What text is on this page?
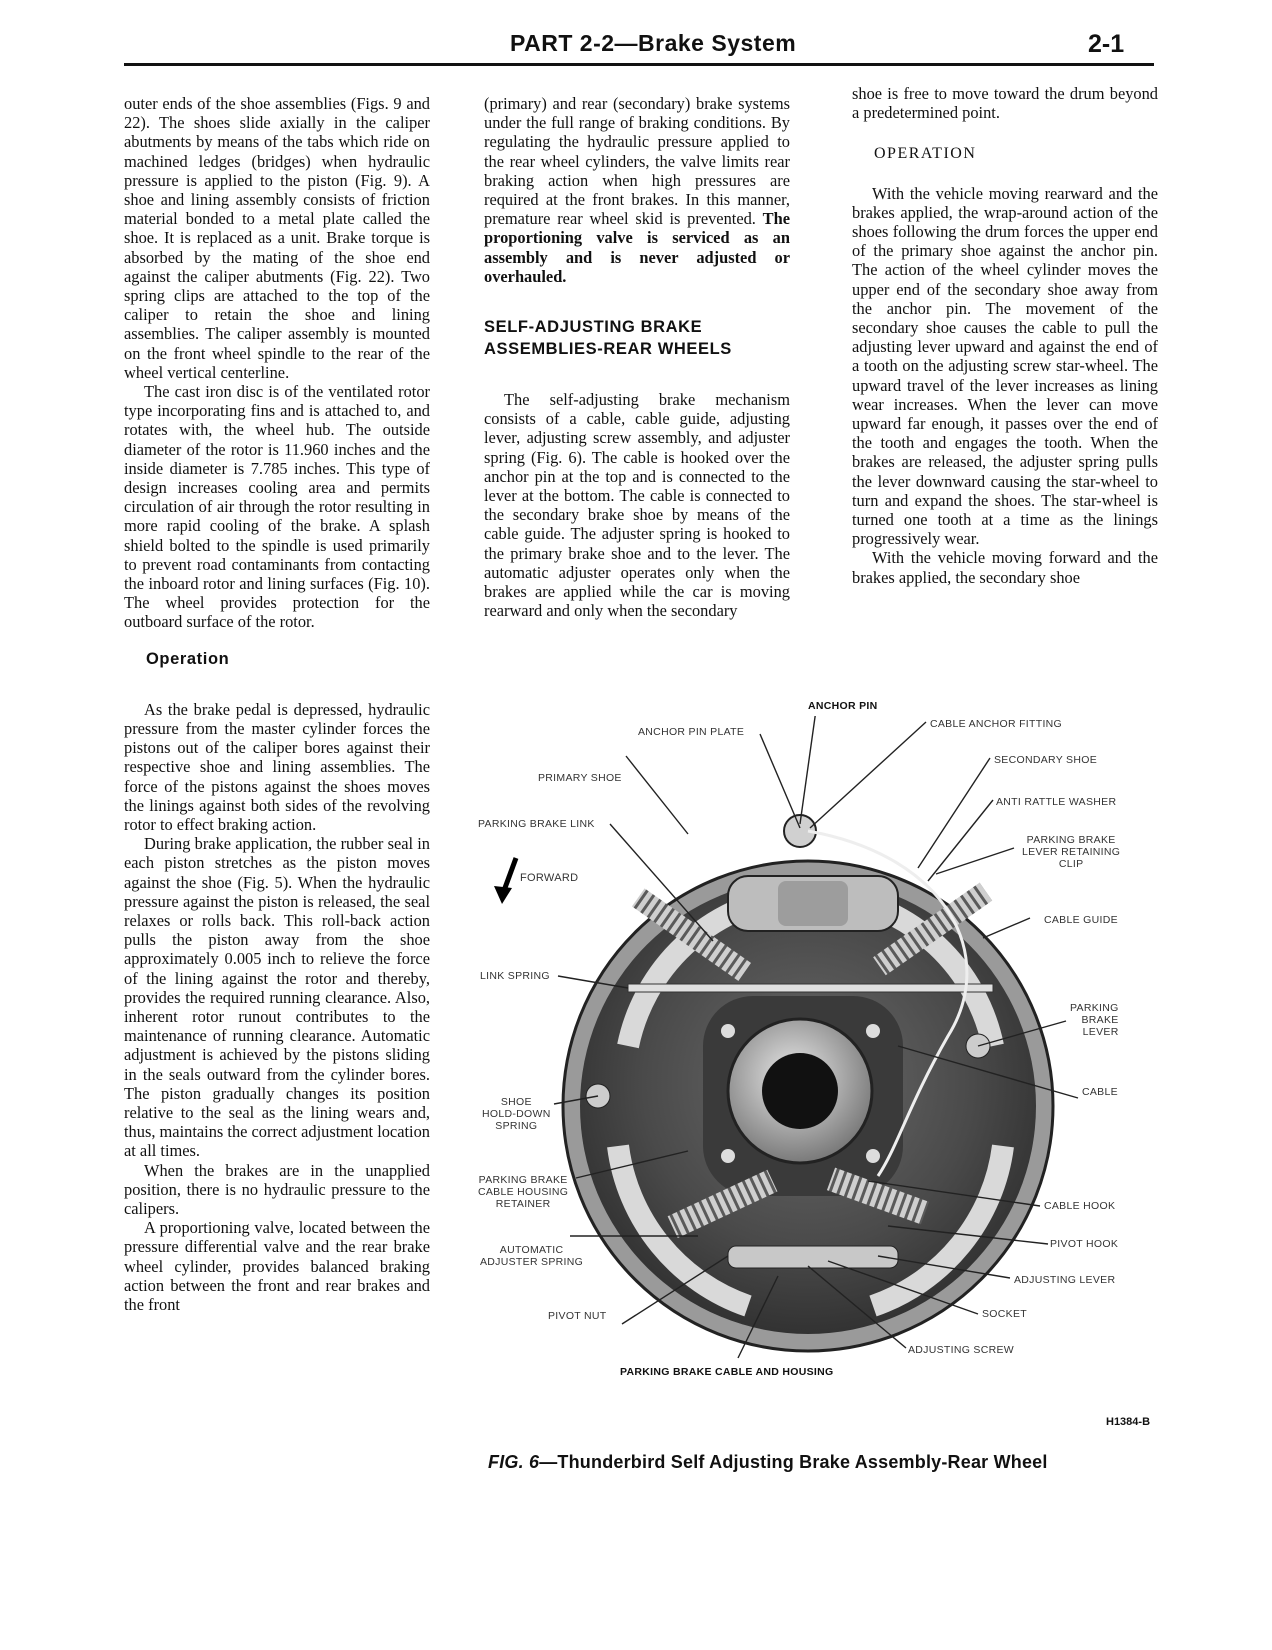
PART 2-2—Brake System	2-1

outer ends of the shoe assemblies (Figs. 9 and 22). The shoes slide axially in the caliper abutments by means of the tabs which ride on machined ledges (bridges) when hydraulic pressure is applied to the piston (Fig. 9). A shoe and lining assembly consists of friction material bonded to a metal plate called the shoe. It is replaced as a unit. Brake torque is absorbed by the mating of the shoe end against the caliper abutments (Fig. 22). Two spring clips are attached to the top of the caliper to retain the shoe and lining assemblies. The caliper assembly is mounted on the front wheel spindle to the rear of the wheel vertical centerline.

The cast iron disc is of the ventilated rotor type incorporating fins and is attached to, and rotates with, the wheel hub. The outside diameter of the rotor is 11.960 inches and the inside diameter is 7.785 inches. This type of design increases cooling area and permits circulation of air through the rotor resulting in more rapid cooling of the brake. A splash shield bolted to the spindle is used primarily to prevent road contaminants from contacting the inboard rotor and lining surfaces (Fig. 10). The wheel provides protection for the outboard surface of the rotor.

Operation

As the brake pedal is depressed, hydraulic pressure from the master cylinder forces the pistons out of the caliper bores against their respective shoe and lining assemblies. The force of the pistons against the shoes moves the linings against both sides of the revolving rotor to effect braking action.

During brake application, the rubber seal in each piston stretches as the piston moves against the shoe (Fig. 5). When the hydraulic pressure against the piston is released, the seal relaxes or rolls back. This roll-back action pulls the piston away from the shoe approximately 0.005 inch to relieve the force of the lining against the rotor and thereby, provides the required running clearance. Also, inherent rotor runout contributes to the maintenance of running clearance. Automatic adjustment is achieved by the pistons sliding in the seals outward from the cylinder bores. The piston gradually changes its position relative to the seal as the lining wears and, thus, maintains the correct adjustment location at all times.

When the brakes are in the unapplied position, there is no hydraulic pressure to the calipers.

A proportioning valve, located between the pressure differential valve and the rear brake wheel cylinder, provides balanced braking action between the front and rear brakes and the front

(primary) and rear (secondary) brake systems under the full range of braking conditions. By regulating the hydraulic pressure applied to the rear wheel cylinders, the valve limits rear braking action when high pressures are required at the front brakes. In this manner, premature rear wheel skid is prevented. The proportioning valve is serviced as an assembly and is never adjusted or overhauled.

SELF-ADJUSTING BRAKE
ASSEMBLIES-REAR WHEELS

The self-adjusting brake mechanism consists of a cable, cable guide, adjusting lever, adjusting screw assembly, and adjuster spring (Fig. 6). The cable is hooked over the anchor pin at the top and is connected to the lever at the bottom. The cable is connected to the secondary brake shoe by means of the cable guide. The adjuster spring is hooked to the primary brake shoe and to the lever. The automatic adjuster operates only when the brakes are applied while the car is moving rearward and only when the secondary

shoe is free to move toward the drum beyond a predetermined point.

OPERATION

With the vehicle moving rearward and the brakes applied, the wrap-around action of the shoes following the drum forces the upper end of the primary shoe against the anchor pin. The action of the wheel cylinder moves the upper end of the secondary shoe away from the anchor pin. The movement of the secondary shoe causes the cable to pull the adjusting lever upward and against the end of a tooth on the adjusting screw star-wheel. The upward travel of the lever increases as lining wear increases. When the lever can move upward far enough, it passes over the end of the tooth and engages the tooth. When the brakes are released, the adjuster spring pulls the lever downward causing the star-wheel to turn and expand the shoes. The star-wheel is turned one tooth at a time as the linings progressively wear.

With the vehicle moving forward and the brakes applied, the secondary shoe

ANCHOR PIN
ANCHOR PIN PLATE
CABLE ANCHOR FITTING
PRIMARY SHOE
SECONDARY SHOE
ANTI RATTLE WASHER
PARKING BRAKE LINK
PARKING BRAKE
LEVER RETAINING
CLIP
FORWARD
CABLE GUIDE
LINK SPRING
PARKING
BRAKE
LEVER
CABLE
SHOE
HOLD-DOWN
SPRING
PARKING BRAKE
CABLE HOUSING
RETAINER	CABLE HOOK
PIVOT HOOK
AUTOMATIC
ADJUSTER SPRING
ADJUSTING LEVER
PIVOT NUT	SOCKET
ADJUSTING SCREW
PARKING BRAKE CABLE AND HOUSING
H1384-B
FIG. 6—Thunderbird Self Adjusting Brake Assembly-Rear Wheel
